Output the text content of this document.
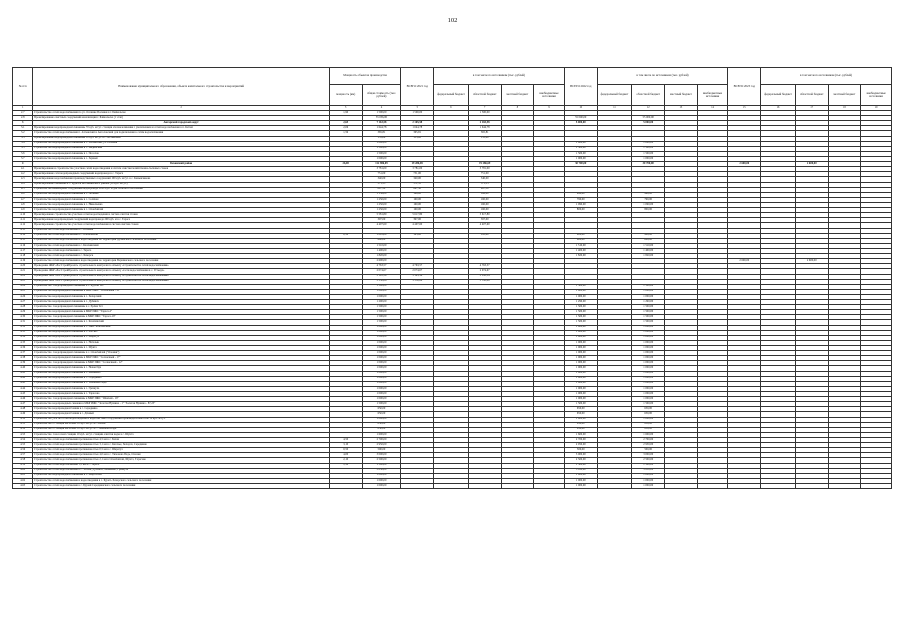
102
№ п/п	Наименование муниципального образования, объекта капитального строительства и мероприятий	Мощность объектов производства		ВСЕГО 2021 год	в том числе по источникам (тыс. рублей)				ВСЕГО 2022 год	в том числе по источникам (тыс. рублей)				ВСЕГО 2023 год	в том числе по источникам (тыс. рублей)			
		мощность (км)	общая стоимость (тыс. рублей)		федеральный бюджет	областной бюджет	местный бюджет	внебюджетные источники		федеральный бюджет	областной бюджет	местный бюджет	внебюджетные источники		федеральный бюджет	областной бюджет	местный бюджет	внебюджетные источники
1	2	3	4	5	6	7	8	9	10	11	12	13	14	15	16	17	18	19
2.7	Строительство сетей водоснабжения по ул. Осенние Полевки в г. Байкальске	1,90	1 500,00	1 500,00		1 500,00												
2.8	Проектирование очистных сооружений канализации г. Байкальска (1 этап)		55 056,00						55 000,00		55 000,00							
3	Ангарский городской округ	2,65	7 163,58	2 165,58		2 165,58			5 000,00		5 000,00							
3.1	Проектирование водопроводной скважины 70 куб. м/сут. станции обезжелезивания с увеличением и сетей водоснабжения в п. Китой	2,06	1 644,78	1 644,78		1 644,78												
3.2	Строительство сетей водоснабжения п. Ахтыкский и Анголокский для подключения к сетям водоснабжения	1,59	365,81	365,81		365,81												
3.3	Проектирование водопроводной скважины 10 куб. м/сут. в с. Ахтыкский		155,00	155,00		155,00												
3.4	Строительство водопроводной скважины в с. Ахтыкский, ул. Полевая		1 000,00						1 000,00		1 000,00							
3.5	Строительство водопроводной скважины в с. Айдинский		1 500,00						1 500,00		1 500,00							
3.6	Строительство водопроводной скважины в с. Поселок		1 500,00						1 500,00		1 500,00							
3.7	Строительство водопроводной скважины в с. Зерный		1 000,00						1 000,00		1 000,00							
4	Боханский район	26,00	112 986,09	19 286,69		19 286,69			30 700,00		30 700,00			2 600,00		2 600,00		
4.1	Проектирование и строительство участков сетей водоотведения и систем очистки хозяйственно-бытовых стоков		3 781,00	3 781,00		3 781,00												
4.2	Проектирование сети водопроводных сооружений водопровода в с. Тараса		751,00	751,00		751,00												
4.3	Проектирование водоснабжения производственных сооружений 100 куб. м/сут. в с. Камынчикова		340,00	340,00		340,00												
4.4	Проектирование скважины в с. Бурятов Котажкинского района (10 куб. м/сут.)		571,55	571,55		571,55												
4.5	Строительство инженерных сооружений водопровода 2020 куб. м для сельского поселения		897,50	897,50		897,50												
4.6	Строительство водопроводной скважины в с. Полевая		1 156,00	166,00		166,00			990,00		990,00							
4.7	Строительство водопроводной скважины в с. Солёная		1 250,00	160,00		160,00			790,00		790,00							
4.8	Строительство водопроводной скважины в с. Николаевка		1 250,00	160,00		160,00			1 090,00		1 090,00							
4.9	Строительство водопроводной скважины в с. Олонбайлай		1 250,00	160,00		160,00			800,00		800,00							
4.10	Проектирование строительства участков сетей водоотведения и систем очистки стоков		5 581,80	5 617,80		5 617,80												
4.11	Проектирование водопроводных сооружений водопровода 200 куб. м в с. Тараса		397,00	397,00		397,00												
4.12	Проектирование строительства участков сетей водоснабжения и систем очистки стоков		4 407,60	4 407,60		4 407,60												
4.13	Строительство сетей водоснабжения в с. Полевая																	
4.14	Строительство сетей водоснабжения в с. Олонбайлай	2,52	1 095,00	195,00		195,00			900,00		900,00							
4.15	Строительство сетей водоснабжения и водоотведения по территории Дубинского сельского поселения		600,00						600,00		600,00							
4.16	Строительство сетей водоснабжения в с. Казачинский		1 510,00						1 510,00		1 510,00							
4.17	Строительство сетей водоснабжения в с. Тараса		1 400,00						1 400,00		1 400,00							
4.18	Строительство сетей водоснабжения в с. Хохорск		1 820,00						1 820,00		1 820,00							
4.19	Строительство сетей водоснабжения и водоотведения по территории Вершинского сельского поселения		2 600,00											2 600,00		2 600,00		
4.20	Проведение ФКР «РосСтройПроект» строительного контроля по объекту «Строительство сетей водоснабжения»		4 763,57	4 763,57		4 763,57												
4.21	Проведение ФКР «РосСтройПроект» строительного контроля по объекту «Сети водоснабжения в с. Устьеда»		2 074,67	2 074,67		2 074,67												
4.22	Проведение ФКР «РосСтройПроект» строительного контроля по объекту «Строительство сетей водоснабжения»		3 145,54	3 145,54		3 145,54												
4.23	Проведение ФКР «РосСтройПроект» строительного контроля по объекту «Строительство сетей водоснабжения»		3 350,86	3 350,86		3 350,86												
4.24	Строительство 1 водопроводной скважины в с. Бурзай Тет		1 500,00						1 500,00		1 500,00							
4.25	Строительство водопроводной скважины в МКР ИЖС "Солнечный - 21"		1 000,00						1 000,00		1 000,00							
4.26	Строительство водопроводной скважины в с. Хохорский		1 000,00						1 000,00		1 000,00							
4.27	Строительство водопроводной скважины в с. Дубинск		1 290,00						1 290,00		1 290,00							
4.28	Строительство 1 водопроводной скважины в с. Ерёма Тет		1 500,00						1 500,00		1 500,00							
4.29	Строительство водопроводной скважины в МКР ИЖС "Тараса-2"		1 500,00						1 500,00		1 500,00							
4.30	Строительство 1 водопроводной скважины в МКР ИЖС "Тараса-19"		1 500,00						1 500,00		1 500,00							
4.31	Строительство водопроводной скважины в с. Казачинский		1 500,00						1 500,00		1 500,00							
4.32	Строительство водопроводной скважины в с. ИЖС Ключевский		1 000,00						1 000,00		1 000,00							
4.33	Строительство водопроводной скважины в с. Рассвет		1 000,00						1 000,00		1 000,00							
4.34	Строительство водопроводной скважины в с. Шарагул		1 000,00						1 000,00		1 000,00							
4.35	Строительство водопроводной скважины в с. Нагалык		1 000,00						1 000,00		1 000,00							
4.36	Строительство водопроводной скважины в с. Шунта		1 000,00						1 000,00		1 000,00							
4.37	Строительство 1 водопроводной скважины в с. Олонбайлай ("Олонки")		1 000,00						1 000,00		1 000,00							
4.38	Строительство водопроводной скважины в МКР ИЖС "Солнечный - 17"		1 000,00						1 000,00		1 000,00							
4.39	Строительство 1 водопроводной скважины в МКР ИЖС "Солнечный - 12"		1 000,00						1 000,00		1 000,00							
4.40	Строительство водопроводной скважины в с. Новая Ида		1 000,00						1 000,00		1 000,00							
4.41	Строительство водопроводной скважины в с. Маньково		1 000,00						1 000,00		1 000,00							
4.42	Строительство водопроводной скважины в с. Середкино		1 000,00						1 000,00		1 000,00							
4.43	Строительство водопроводной скважины в с. Тихонова Падь		1 000,00						1 000,00		1 000,00							
4.44	Строительство водопроводной скважины в с. Грязнуха		1 000,00						1 000,00		1 000,00							
4.45	Строительство водопроводной скважины в с. Тарасово		1 000,00						1 000,00		1 000,00							
4.46	Строительство 1 водопроводной скважины в МКР ИЖС "Шанхай - 19"		1 000,00						1 000,00		1 000,00							
4.47	Строительство водопроводных скважин в МКР ИЖС "Золотая Нушина - 1" "Золотая Нушина - 87,25"		1 500,00						1 500,00		1 500,00							
4.48	Строительство водопроводной башни в с. Середкино		650,00						650,00		650,00							
4.49	Строительство водопроводной башни в с. Дачный		650,00						650,00		650,00							
4.50	Строительство участка сетей водоотведения и водоочистных сооружений производительностью 30 куб. м/сут.		1 000,00						1 000,00		1 000,00							
4.51	Строительство 2 станций насосных 10 куб. м/сут. в с. Бохан		850,00						850,00		850,00							
4.52	Строительство 2 станций насосных 10 куб. м/сут. в с. Тихонова Падь		850,00						850,00		850,00							
4.53	Строительство 1 насосной станции 10 куб. м/сут. станции очистки воды в с. Шунта		1 600,00						1 600,00		1 600,00							
4.54	Строительство сетей водоснабжения протяженностью 4,5 км в с. Бохан	4,50	2 700,00						2 700,00		2 700,00							
4.55	Строительство сетей водоснабжения протяженностью 3,1 км в с. Казачье, Хохорск, Середкино	3,10	2 950,00						2 950,00		2 950,00							
4.56	Строительство сетей водоснабжения протяженностью 0,5 км в с. Шарагул	0,50	500,00						500,00		500,00							
4.57	Строительство сетей водоснабжения протяженностью 4,0 км в с. Тихонова Падь, Олонки	4,00	3 000,00						3 000,00		3 000,00							
4.58	Строительство сетей водоснабжения протяженностью 2,1 км в Олонбайлай, Шунта, Тарасово	2,10	2 500,00						2 500,00		2 500,00							
4.59	Строительство сетей водоснабжения 1,5 км в с. Тараса	1,50	1 500,00						1 500,00		1 500,00							
4.60	Строительство сетей водоснабжения в с. Заглик, Дубинск, Маньково, Грязнуха		3 850,00						3 850,00		3 850,00							
4.61	Строительство водопроводной скважины в с. Шаргалзан		1 000,00						1 000,00		1 000,00							
4.62	Строительство сетей водоснабжения и водоотведения в с. Буреть Хохорского сельского поселения		1 000,00						1 000,00		1 000,00							
4.63	Строительство сетей водоснабжения в с. Бурзай Середкинского сельского поселения		1 000,00						1 000,00		1 000,00							
